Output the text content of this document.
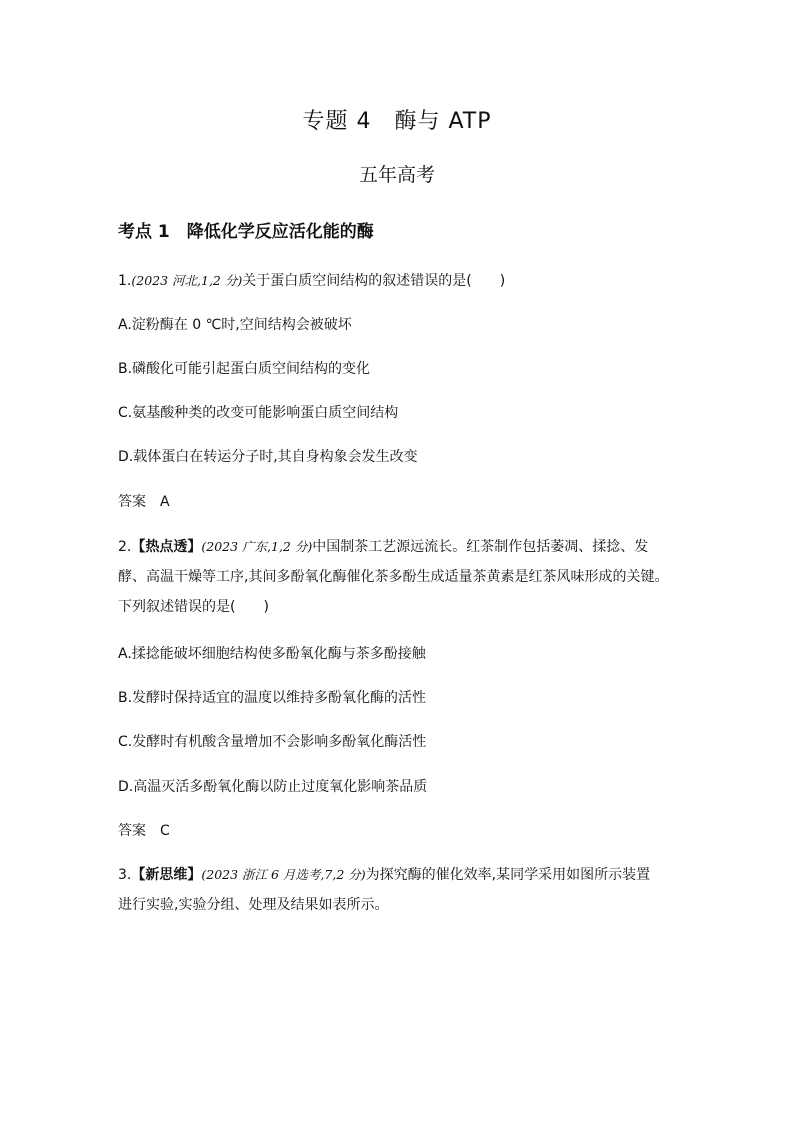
专题 4　酶与 ATP
五年高考
考点 1　降低化学反应活化能的酶
1.(2023 河北,1,2 分)关于蛋白质空间结构的叙述错误的是(　　)
A.淀粉酶在 0 ℃时,空间结构会被破坏
B.磷酸化可能引起蛋白质空间结构的变化
C.氨基酸种类的改变可能影响蛋白质空间结构
D.载体蛋白在转运分子时,其自身构象会发生改变
答案　A
2.【热点透】(2023 广东,1,2 分)中国制茶工艺源远流长。红茶制作包括萎凋、揉捻、发
酵、高温干燥等工序,其间多酚氧化酶催化茶多酚生成适量茶黄素是红茶风味形成的关键。
下列叙述错误的是(　　)
A.揉捻能破坏细胞结构使多酚氧化酶与茶多酚接触
B.发酵时保持适宜的温度以维持多酚氧化酶的活性
C.发酵时有机酸含量增加不会影响多酚氧化酶活性
D.高温灭活多酚氧化酶以防止过度氧化影响茶品质
答案　C
3.【新思维】(2023 浙江 6 月选考,7,2 分)为探究酶的催化效率,某同学采用如图所示装置
进行实验,实验分组、处理及结果如表所示。
